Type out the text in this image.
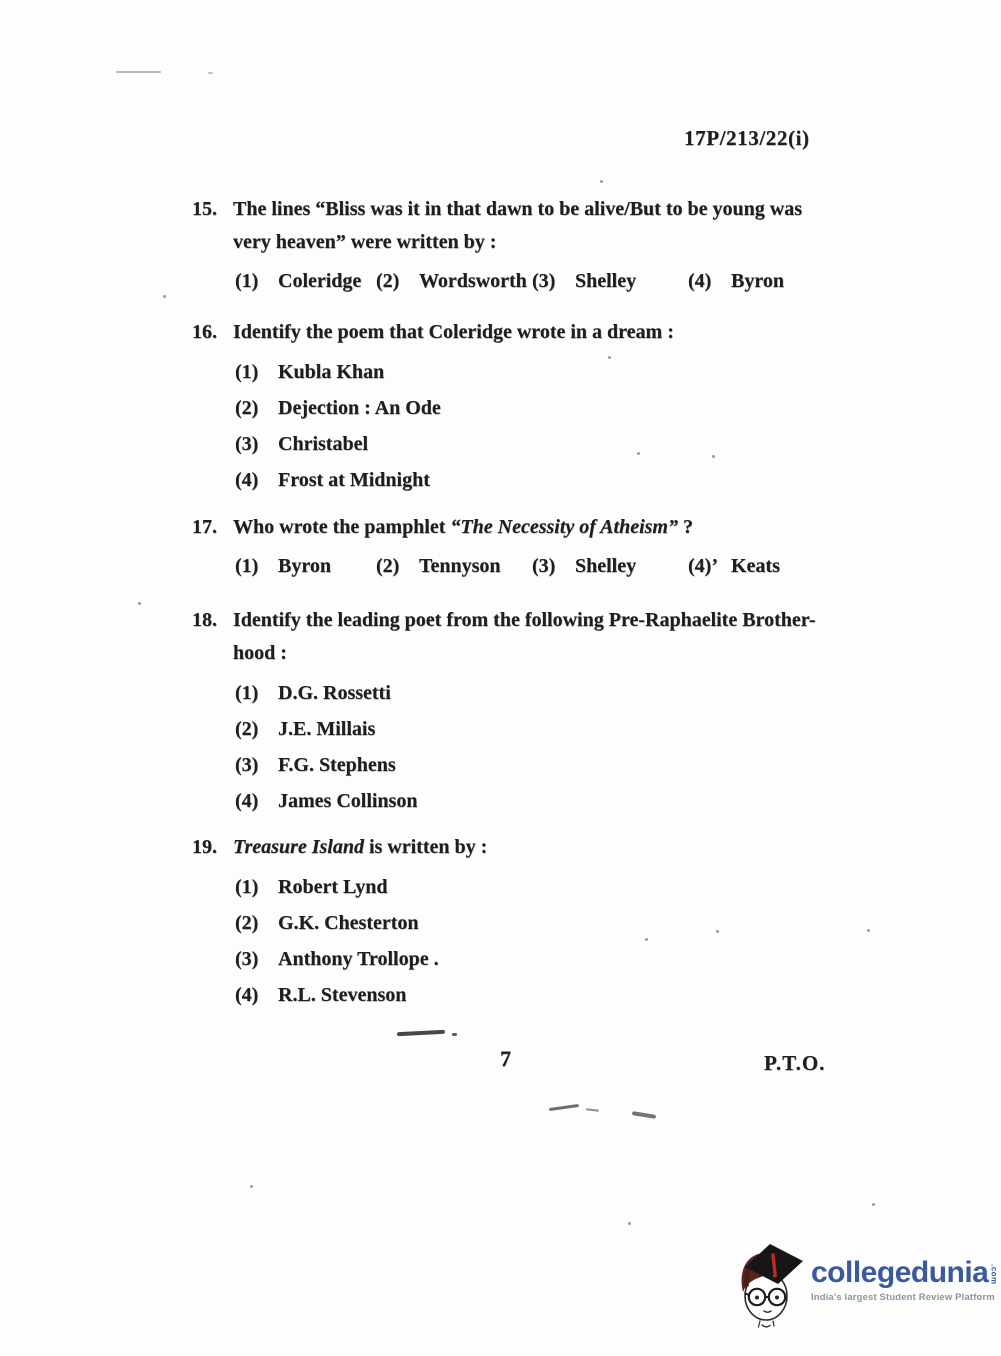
17P/213/22(i)
15. The lines “Bliss was it in that dawn to be alive/But to be young was
very heaven” were written by :
(1) Coleridge (2) Wordsworth (3) Shelley	(4) Byron
16. Identify the poem that Coleridge wrote in a dream :
(1) Kubla Khan
(2) Dejection : An Ode
(3) Christabel
(4) Frost at Midnight
17. Who wrote the pamphlet “The Necessity of Atheism” ?
(1) Byron (2) Tennyson (3) Shelley	(4)’ Keats
18. Identify the leading poet from the following Pre-Raphaelite Brother-
hood :
(1) D.G. Rossetti
(2) J.E. Millais
(3) F.G. Stephens
(4) James Collinson
19. Treasure Island is written by :
(1) Robert Lynd
(2) G.K. Chesterton
(3) Anthony Trollope .
(4) R.L. Stevenson
7	P.T.O.
collegedunia .com
India's largest Student Review Platform
